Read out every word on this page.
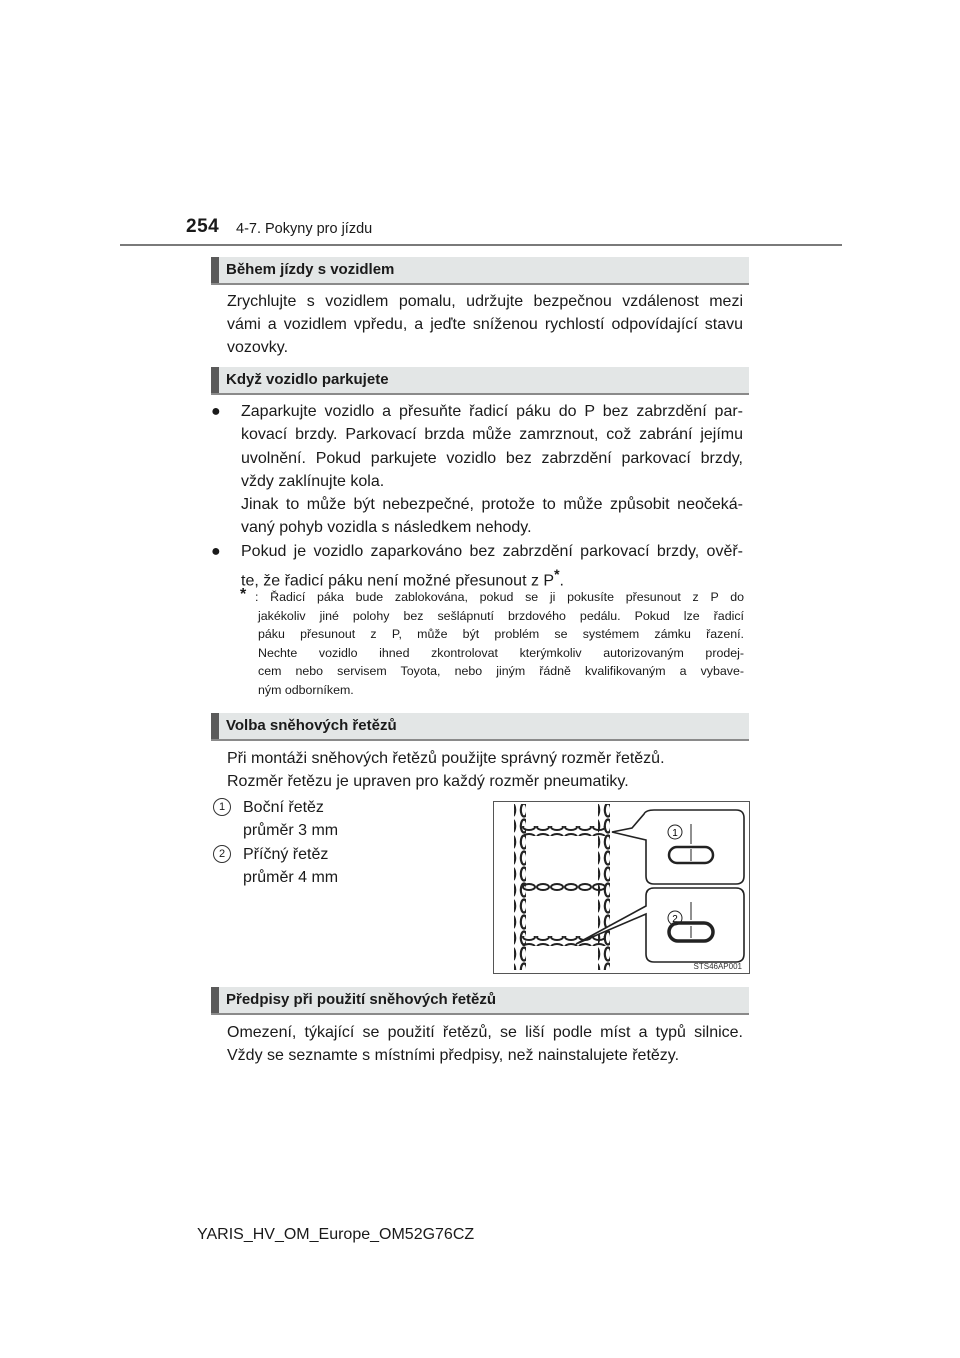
254 4-7. Pokyny pro jízdu
Během jízdy s vozidlem
Zrychlujte s vozidlem pomalu, udržujte bezpečnou vzdálenost mezi
vámi a vozidlem vpředu, a jeďte sníženou rychlostí odpovídající stavu
vozovky.
Když vozidlo parkujete
● Zaparkujte vozidlo a přesuňte řadicí páku do P bez zabrzdění par-
kovací brzdy. Parkovací brzda může zamrznout, což zabrání jejímu
uvolnění. Pokud parkujete vozidlo bez zabrzdění parkovací brzdy,
vždy zaklínujte kola.
Jinak to může být nebezpečné, protože to může způsobit neočeká-
vaný pohyb vozidla s následkem nehody.
● Pokud je vozidlo zaparkováno bez zabrzdění parkovací brzdy, ověř-
te, že řadicí páku není možné přesunout z P*.
* : Řadicí páka bude zablokována, pokud se ji pokusíte přesunout z P do
jakékoliv jiné polohy bez sešlápnutí brzdového pedálu. Pokud lze řadicí
páku přesunout z P, může být problém se systémem zámku řazení.
Nechte vozidlo ihned zkontrolovat kterýmkoliv autorizovaným prodej-
cem nebo servisem Toyota, nebo jiným řádně kvalifikovaným a vybave-
ným odborníkem.
Volba sněhových řetězů
Při montáži sněhových řetězů použijte správný rozměr řetězů.
Rozměr řetězu je upraven pro každý rozměr pneumatiky.
1 Boční řetěz
průměr 3 mm
2 Příčný řetěz
průměr 4 mm
1
2
STS46AP001
Předpisy při použití sněhových řetězů
Omezení, týkající se použití řetězů, se liší podle míst a typů silnice.
Vždy se seznamte s místními předpisy, než nainstalujete řetězy.
YARIS_HV_OM_Europe_OM52G76CZ
